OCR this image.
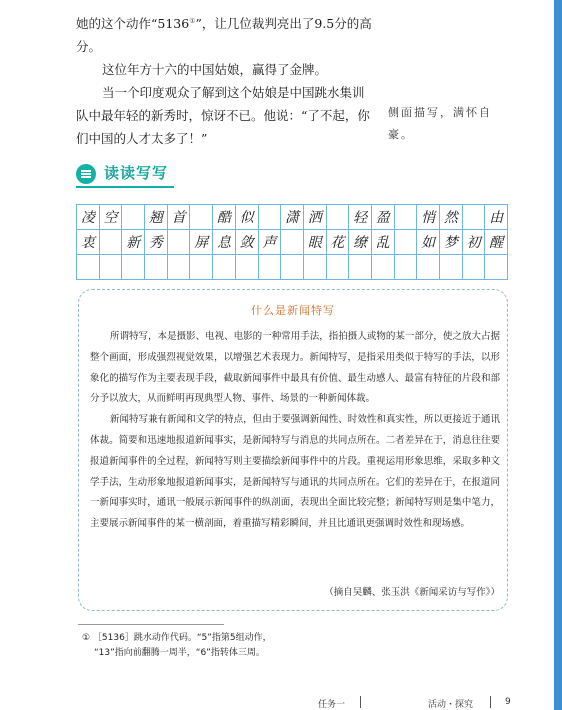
她的这个动作“5136①”，让几位裁判亮出了9.5分的高分。

这位年方十六的中国姑娘，赢得了金牌。

当一个印度观众了解到这个姑娘是中国跳水集训队中最年轻的新秀时，惊讶不已。他说：“了不起，你们中国的人才太多了！”

侧面描写，满怀自豪。
读读写写
凌 空	翘 首	酷 似	潇 洒	轻 盈	悄 然	由
衷	新 秀	屏 息 敛 声	眼 花 缭 乱	如 梦 初 醒
什么是新闻特写

所谓特写，本是摄影、电视、电影的一种常用手法，指拍摄人或物的某一部分，使之放大占据整个画面，形成强烈视觉效果，以增强艺术表现力。新闻特写，是指采用类似于特写的手法，以形象化的描写作为主要表现手段，截取新闻事件中最具有价值、最生动感人、最富有特征的片段和部分予以放大，从而鲜明再现典型人物、事件、场景的一种新闻体裁。

新闻特写兼有新闻和文学的特点，但由于要强调新闻性、时效性和真实性，所以更接近于通讯体裁。简要和迅速地报道新闻事实，是新闻特写与消息的共同点所在。二者差异在于，消息往往要报道新闻事件的全过程，新闻特写则主要描绘新闻事件中的片段。重视运用形象思维，采取多种文学手法，生动形象地报道新闻事实，是新闻特写与通讯的共同点所在。它们的差异在于，在报道同一新闻事实时，通讯一般展示新闻事件的纵剖面，表现出全面比较完整；新闻特写则是集中笔力，主要展示新闻事件的某一横剖面，着重描写精彩瞬间，并且比通讯更强调时效性和现场感。

（摘自吴麟、张玉洪《新闻采访与写作》）

① ［5136］跳水动作代码。“5”指第5组动作，

“13”指向前翻腾一周半，“6”指转体三周。

任务一	活动・探究	9
